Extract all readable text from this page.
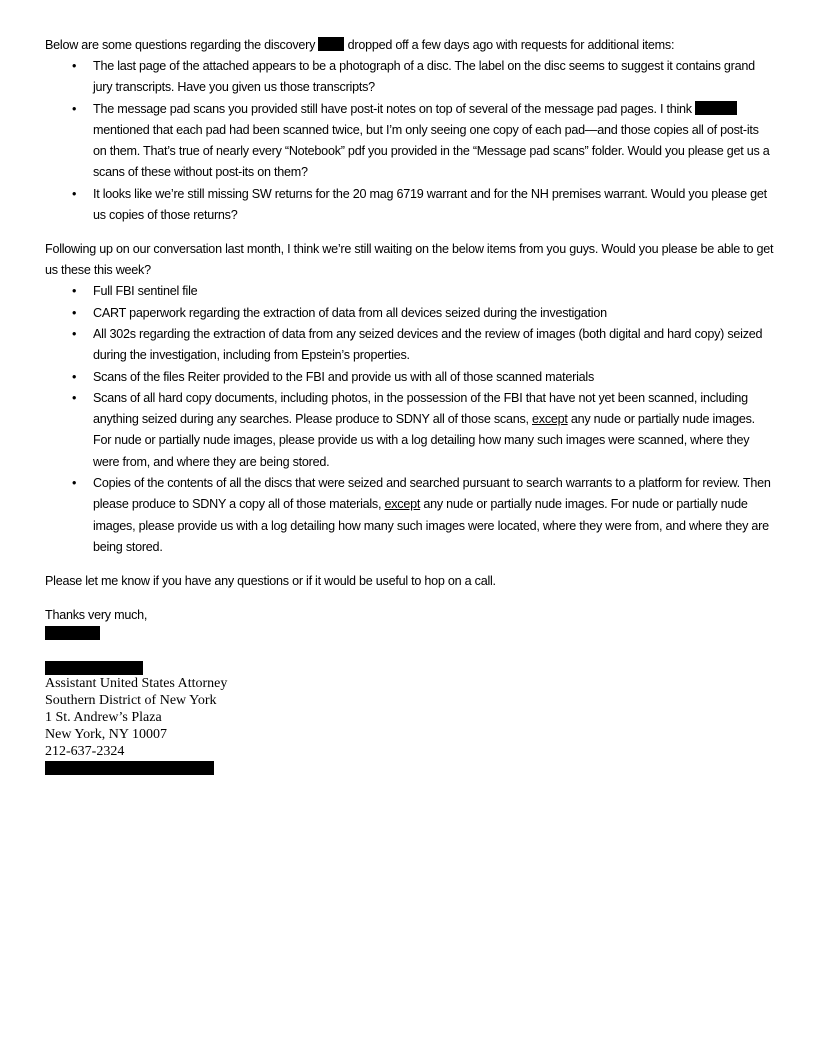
Below are some questions regarding the discovery	dropped off a few days ago with requests for additional items:

• The last page of the attached appears to be a photograph of a disc. The label on the disc seems to suggest it contains grand jury transcripts. Have you given us those transcripts?
• The message pad scans you provided still have post-it notes on top of several of the message pad pages. I think  mentioned that each pad had been scanned twice, but I’m only seeing one copy of each pad—and those copies all of post-its on them. That’s true of nearly every “Notebook” pdf you provided in the “Message pad scans” folder. Would you please get us a scans of these without post-its on them?
• It looks like we’re still missing SW returns for the 20 mag 6719 warrant and for the NH premises warrant. Would you please get us copies of those returns?

Following up on our conversation last month, I think we’re still waiting on the below items from you guys. Would you please be able to get us these this week?

• Full FBI sentinel file
• CART paperwork regarding the extraction of data from all devices seized during the investigation
• All 302s regarding the extraction of data from any seized devices and the review of images (both digital and hard copy) seized during the investigation, including from Epstein’s properties.
• Scans of the files Reiter provided to the FBI and provide us with all of those scanned materials
• Scans of all hard copy documents, including photos, in the possession of the FBI that have not yet been scanned, including anything seized during any searches. Please produce to SDNY all of those scans, except any nude or partially nude images. For nude or partially nude images, please provide us with a log detailing how many such images were scanned, where they were from, and where they are being stored.
• Copies of the contents of all the discs that were seized and searched pursuant to search warrants to a platform for review. Then please produce to SDNY a copy all of those materials, except any nude or partially nude images. For nude or partially nude images, please provide us with a log detailing how many such images were located, where they were from, and where they are being stored.

Please let me know if you have any questions or if it would be useful to hop on a call.

Thanks very much,

Assistant United States Attorney
Southern District of New York
1 St. Andrew’s Plaza
New York, NY 10007
212-637-2324
